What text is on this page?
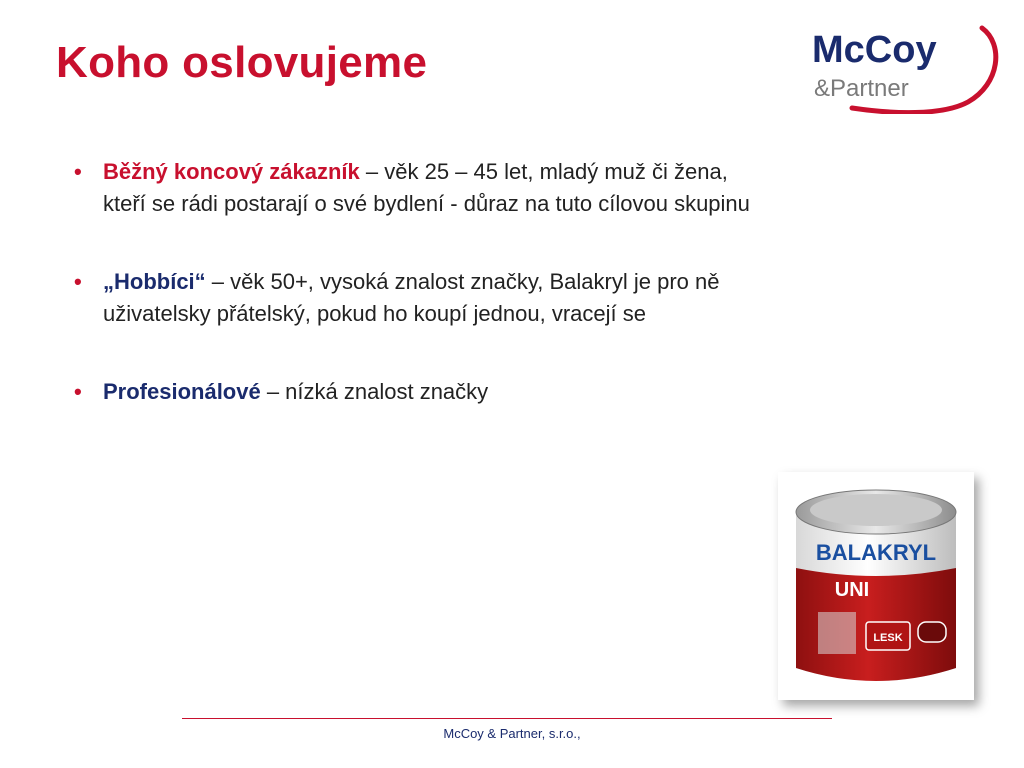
Koho oslovujeme	McCoy
&Partner
• Běžný koncový zákazník – věk 25 – 45 let, mladý muž či žena, kteří se rádi postarají o své bydlení - důraz na tuto cílovou skupinu
• „Hobbíci“ – věk 50+, vysoká znalost značky, Balakryl je pro ně uživatelsky přátelský, pokud ho koupí jednou, vracejí se
• Profesionálové – nízká znalost značky
BALAKRYL
UNI
LESK
McCoy & Partner, s.r.o.,
